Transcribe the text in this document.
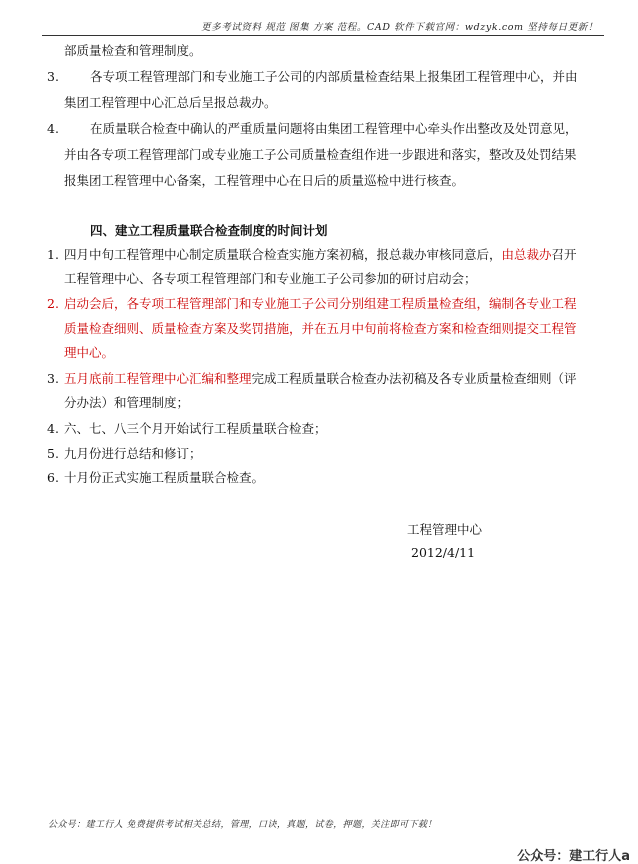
更多考试资料 规范 图集 方案 范程。CAD 软件下载官网：wdzyk.com 坚持每日更新！
部质量检查和管理制度。
3. 各专项工程管理部门和专业施工子公司的内部质量检查结果上报集团工程管理中心，并由
集团工程管理中心汇总后呈报总裁办。
4. 在质量联合检查中确认的严重质量问题将由集团工程管理中心牵头作出整改及处罚意见，
并由各专项工程管理部门或专业施工子公司质量检查组作进一步跟进和落实，整改及处罚结果
报集团工程管理中心备案，工程管理中心在日后的质量巡检中进行核查。
四、建立工程质量联合检查制度的时间计划
1. 四月中旬工程管理中心制定质量联合检查实施方案初稿，报总裁办审核同意后，由总裁办召开
工程管理中心、各专项工程管理部门和专业施工子公司参加的研讨启动会；
2. 启动会后，各专项工程管理部门和专业施工子公司分别组建工程质量检查组，编制各专业工程
质量检查细则、质量检查方案及奖罚措施，并在五月中旬前将检查方案和检查细则提交工程管
理中心。
3. 五月底前工程管理中心汇编和整理完成工程质量联合检查办法初稿及各专业质量检查细则（评
分办法）和管理制度；
4. 六、七、八三个月开始试行工程质量联合检查；
5. 九月份进行总结和修订；
6. 十月份正式实施工程质量联合检查。
工程管理中心
2012/4/11
公众号：建工行人 免费提供考试相关总结，管理，口诀，真题，试卷，押题，关注即可下载！
公众号：建工行人a
